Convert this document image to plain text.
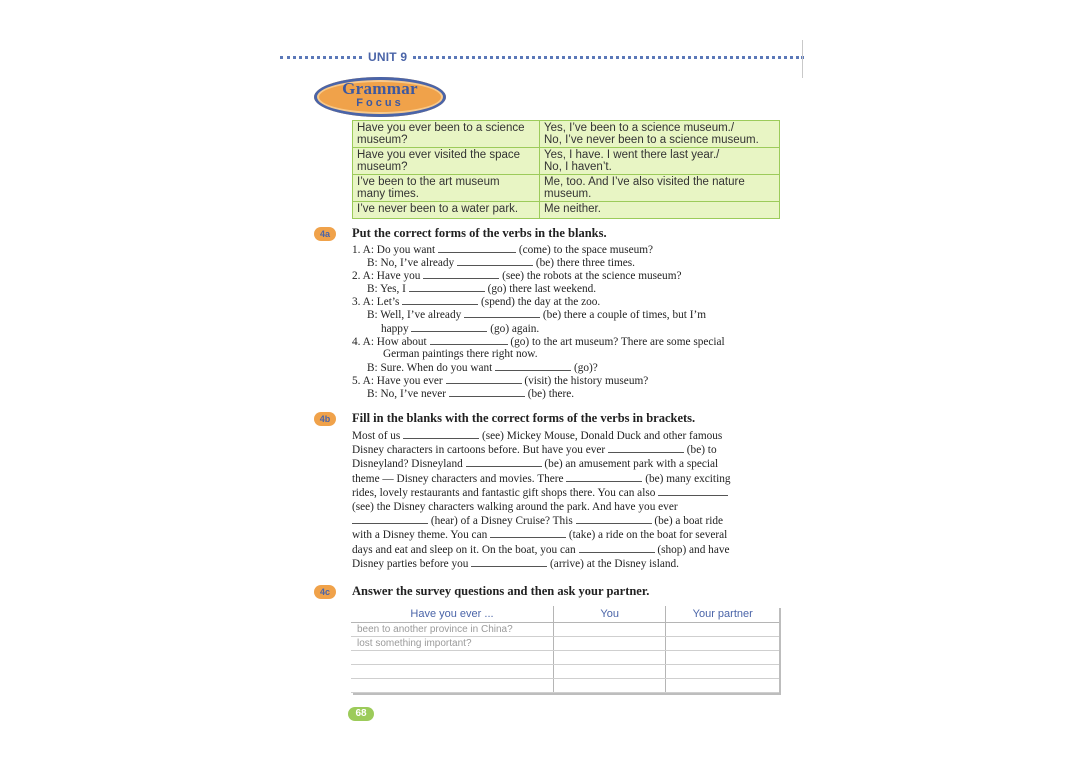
UNIT 9
Grammar
Focus
Have you ever been to a science
museum?	Yes, I’ve been to a science museum./
No, I’ve never been to a science museum.

Have you ever visited the space
museum?	Yes, I have. I went there last year./
No, I haven’t.

I’ve been to the art museum
many times.	Me, too. And I’ve also visited the nature
museum.

I’ve never been to a water park.	Me neither.
4a	Put the correct forms of the verbs in the blanks.
1. A: Do you want	(come) to the space museum?
B: No, I’ve already	(be) there three times.
2. A: Have you	(see) the robots at the science museum?
B: Yes, I	(go) there last weekend.
3. A: Let’s	(spend) the day at the zoo.
B: Well, I’ve already	(be) there a couple of times, but I’m
happy	(go) again.
4. A: How about	(go) to the art museum? There are some special
German paintings there right now.
B: Sure. When do you want	(go)?
5. A: Have you ever	(visit) the history museum?
B: No, I’ve never	(be) there.
4b	Fill in the blanks with the correct forms of the verbs in brackets.
Most of us	(see) Mickey Mouse, Donald Duck and other famous
Disney characters in cartoons before. But have you ever	(be) to
Disneyland? Disneyland	(be) an amusement park with a special
theme — Disney characters and movies. There	(be) many exciting
rides, lovely restaurants and fantastic gift shops there. You can also
(see) the Disney characters walking around the park. And have you ever
(hear) of a Disney Cruise? This	(be) a boat ride
with a Disney theme. You can	(take) a ride on the boat for several
days and eat and sleep on it. On the boat, you can	(shop) and have
Disney parties before you	(arrive) at the Disney island.
4c	Answer the survey questions and then ask your partner.
Have you ever ...	You	Your partner
been to another province in China?		
lost something important?		

68
